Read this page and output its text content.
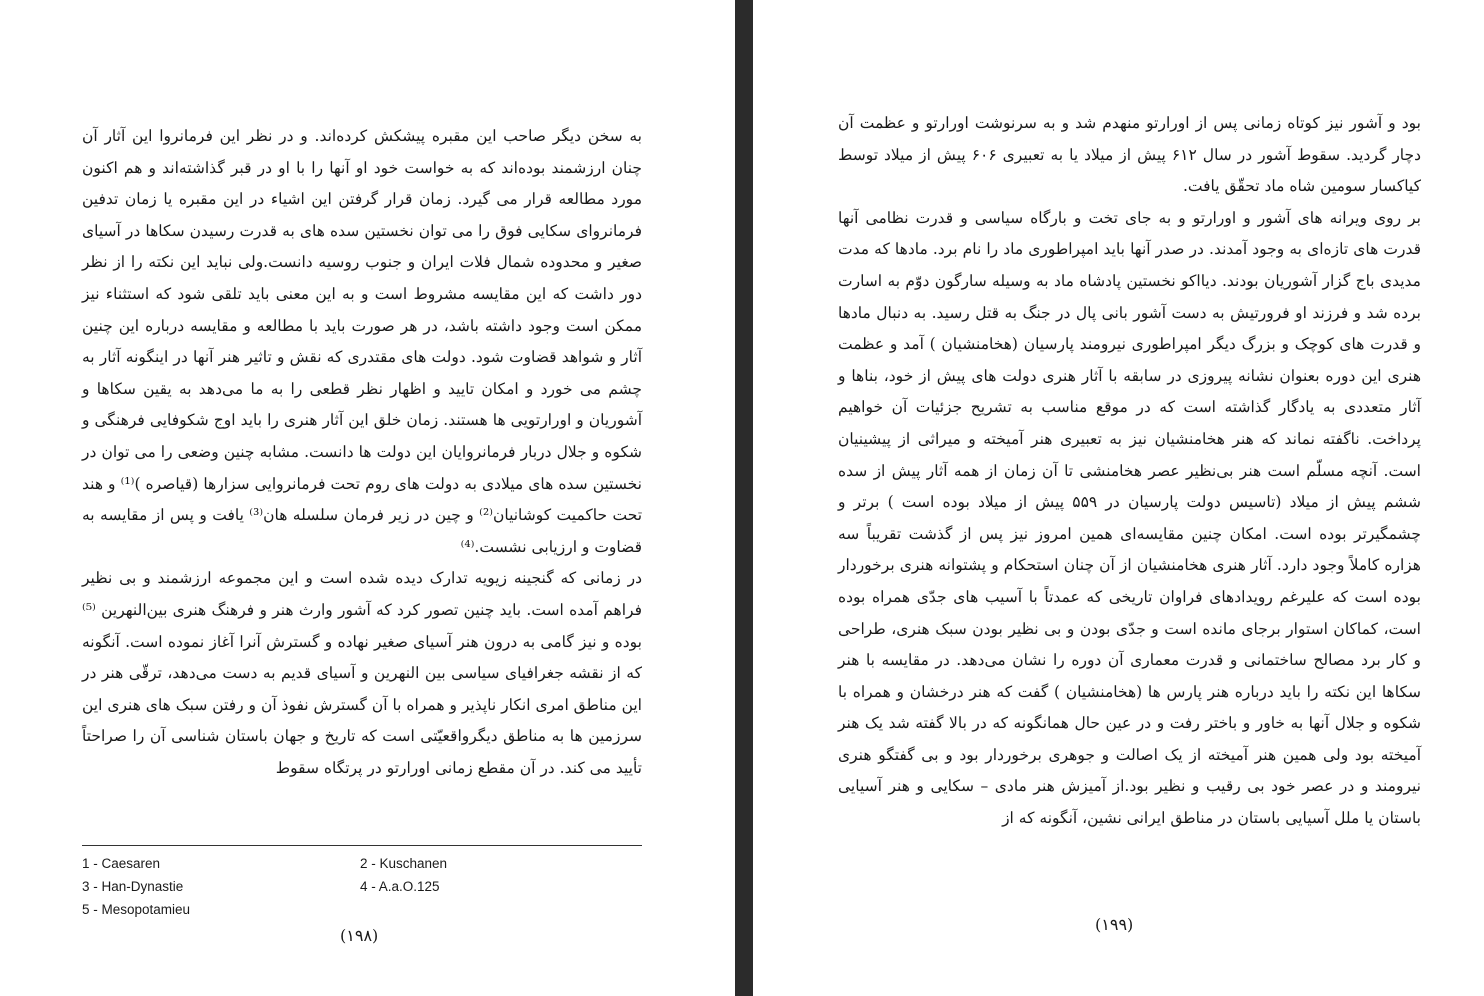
به سخن دیگر صاحب این مقبره پیشکش کرده‌اند. و در نظر این فرمانروا این آثار آن چنان ارزشمند بوده‌اند که به خواست خود او آنها را با او در قبر گذاشته‌اند و هم اکنون مورد مطالعه قرار می گیرد. زمان قرار گرفتن این اشیاء در این مقبره یا زمان تدفین فرمانروای سکایی فوق را می توان نخستین سده های به قدرت رسیدن سکاها در آسیای صغیر و محدوده شمال فلات ایران و جنوب روسیه دانست.ولی نباید این نکته را از نظر دور داشت که این مقایسه مشروط است و به این معنی باید تلقی شود که استثناء نیز ممکن است وجود داشته باشد، در هر صورت باید با مطالعه و مقایسه درباره این چنین آثار و شواهد قضاوت شود. دولت های مقتدری که نقش و تاثیر هنر آنها در اینگونه آثار به چشم می خورد و امکان تایید و اظهار نظر قطعی را به ما می‌دهد به یقین سکاها و آشوریان و اورارتویی ها هستند. زمان خلق این آثار هنری را باید اوج شکوفایی فرهنگی و شکوه و جلال دربار فرمانروایان این دولت ها دانست. مشابه چنین وضعی را می توان در نخستین سده های میلادی به دولت های روم تحت فرمانروایی سزارها (قیاصره )⁽¹⁾ و هند تحت حاکمیت کوشانیان⁽²⁾ و چین در زیر فرمان سلسله هان⁽³⁾ یافت و پس از مقایسه به قضاوت و ارزیابی نشست.⁽⁴⁾

در زمانی که گنجینه زیویه تدارک دیده شده است و این مجموعه ارزشمند و بی نظیر فراهم آمده است. باید چنین تصور کرد که آشور وارث هنر و فرهنگ هنری بین‌النهرین ⁽⁵⁾ بوده و نیز گامی به درون هنر آسیای صغیر نهاده و گسترش آنرا آغاز نموده است. آنگونه که از نقشه جغرافیای سیاسی بین النهرین و آسیای قدیم به دست می‌دهد، ترقّی هنر در این مناطق امری انکار ناپذیر و همراه با آن گسترش نفوذ آن و رفتن سبک های هنری این سرزمین ها به مناطق دیگرواقعیّتی است که تاریخ و جهان باستان شناسی آن را صراحتاً تأیید می کند. در آن مقطع زمانی اورارتو در پرتگاه سقوط

1 - Caesaren	2 - Kuschanen
3 - Han-Dynastie	4 - A.a.O.125
5 - Mesopotamieu
(۱۹۸)

بود و آشور نیز کوتاه زمانی پس از اورارتو منهدم شد و به سرنوشت اورارتو و عظمت آن دچار گردید. سقوط آشور در سال ۶۱۲ پیش از میلاد یا به تعبیری ۶۰۶ پیش از میلاد توسط کیاکسار سومین شاه ماد تحقّق یافت.

بر روی ویرانه های آشور و اورارتو و به جای تخت و بارگاه سیاسی و قدرت نظامی آنها قدرت های تازه‌ای به وجود آمدند. در صدر آنها باید امپراطوری ماد را نام برد. مادها که مدت مدیدی باج گزار آشوریان بودند. دیااکو نخستین پادشاه ماد به وسیله سارگون دوّم به اسارت برده شد و فرزند او فرورتیش به دست آشور بانی پال در جنگ به قتل رسید. به دنبال مادها و قدرت های کوچک و بزرگ دیگر امپراطوری نیرومند پارسیان (هخامنشیان ) آمد و عظمت هنری این دوره بعنوان نشانه پیروزی در سابقه با آثار هنری دولت های پیش از خود، بناها و آثار متعددی به یادگار گذاشته است که در موقع مناسب به تشریح جزئیات آن خواهیم پرداخت. ناگفته نماند که هنر هخامنشیان نیز به تعبیری هنر آمیخته و میراثی از پیشینیان است. آنچه مسلّم است هنر بی‌نظیر عصر هخامنشی تا آن زمان از همه آثار پیش از سده ششم پیش از میلاد (تاسیس دولت پارسیان در ۵۵۹ پیش از میلاد بوده است ) برتر و چشمگیرتر بوده است. امکان چنین مقایسه‌ای همین امروز نیز پس از گذشت تقریباً سه هزاره کاملاً وجود دارد. آثار هنری هخامنشیان از آن چنان استحکام و پشتوانه هنری برخوردار بوده است که علیرغم رویدادهای فراوان تاریخی که عمدتاً با آسیب های جدّی همراه بوده است، کماکان استوار برجای مانده است و جدّی بودن و بی نظیر بودن سبک هنری، طراحی و کار برد مصالح ساختمانی و قدرت معماری آن دوره را نشان می‌دهد. در مقایسه با هنر سکاها این نکته را باید درباره هنر پارس ها (هخامنشیان ) گفت که هنر درخشان و همراه با شکوه و جلال آنها به خاور و باختر رفت و در عین حال همانگونه که در بالا گفته شد یک هنر آمیخته بود ولی همین هنر آمیخته از یک اصالت و جوهری برخوردار بود و بی گفتگو هنری نیرومند و در عصر خود بی رقیب و نظیر بود.از آمیزش هنر مادی – سکایی و هنر آسیایی باستان یا ملل آسیایی باستان در مناطق ایرانی نشین، آنگونه که از

(۱۹۹)
